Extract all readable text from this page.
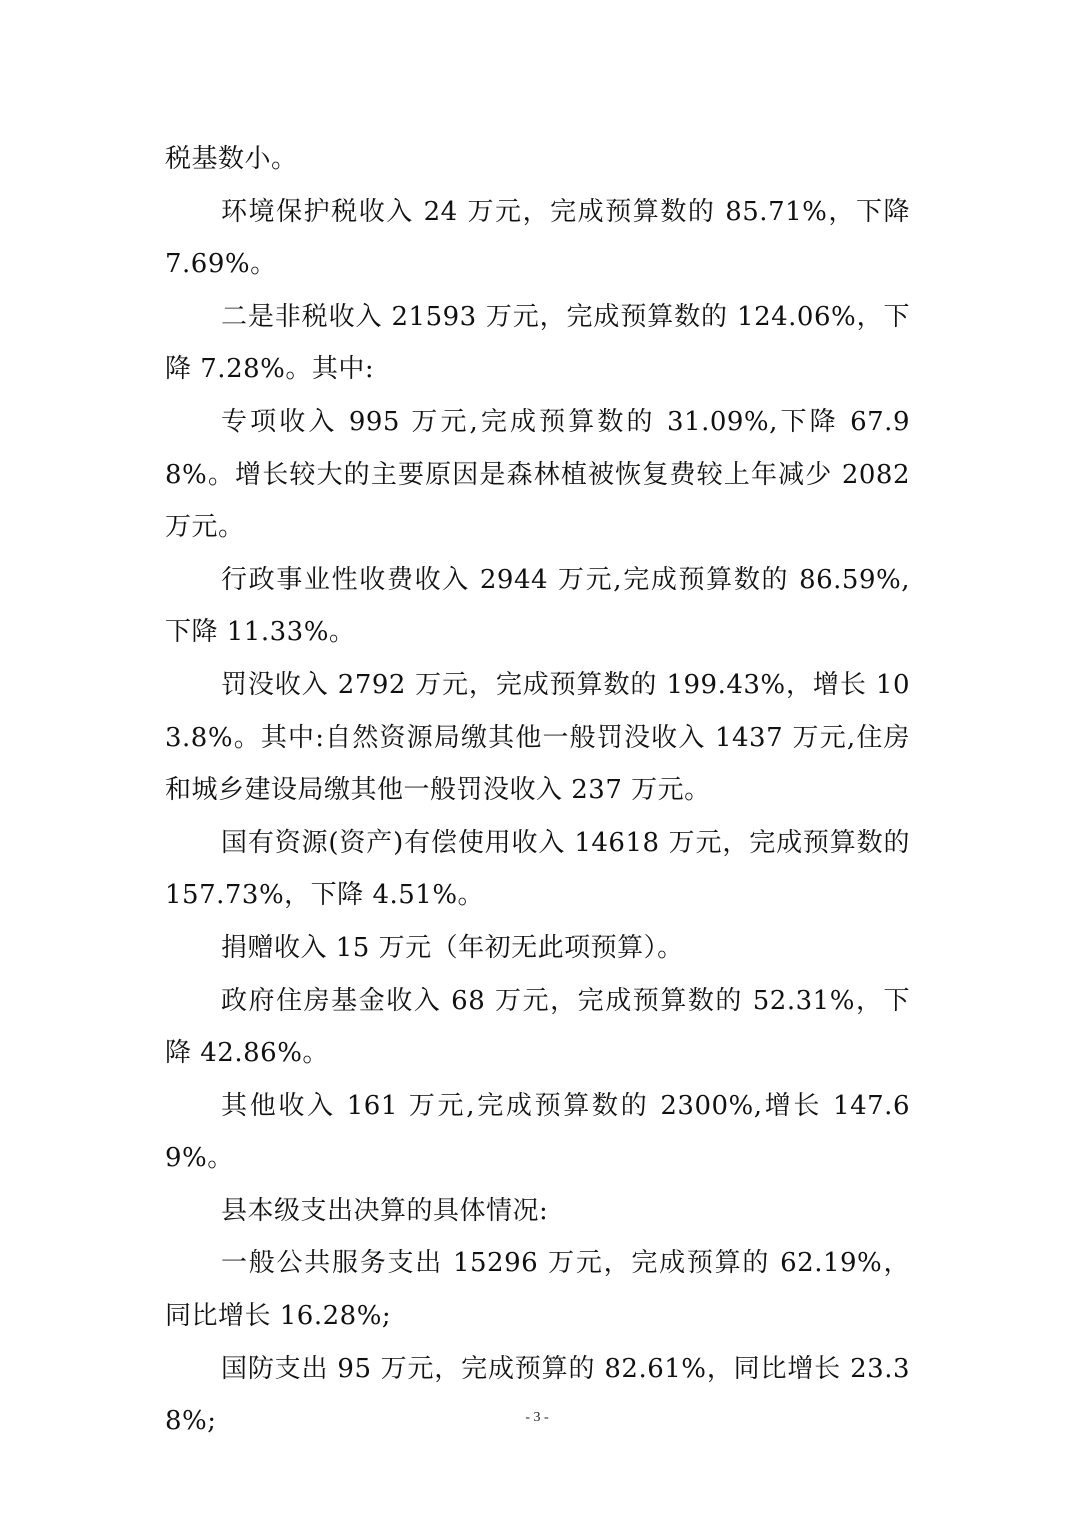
税基数小。

环境保护税收入 24 万元，完成预算数的 85.71%，下降 7.69%。

二是非税收入 21593 万元，完成预算数的 124.06%，下降 7.28%。其中:

专项收入 995 万元,完成预算数的 31.09%,下降 67.98%。增长较大的主要原因是森林植被恢复费较上年减少 2082 万元。

行政事业性收费收入 2944 万元,完成预算数的 86.59%,下降 11.33%。

罚没收入 2792 万元，完成预算数的 199.43%，增长 103.8%。其中:自然资源局缴其他一般罚没收入 1437 万元,住房和城乡建设局缴其他一般罚没收入 237 万元。

国有资源(资产)有偿使用收入 14618 万元，完成预算数的 157.73%，下降 4.51%。

捐赠收入 15 万元（年初无此项预算）。

政府住房基金收入 68 万元，完成预算数的 52.31%，下降 42.86%。

其他收入 161 万元,完成预算数的 2300%,增长 147.69%。

县本级支出决算的具体情况:

一般公共服务支出 15296 万元，完成预算的 62.19%，同比增长 16.28%;

国防支出 95 万元，完成预算的 82.61%，同比增长 23.38%;	- 3 -
